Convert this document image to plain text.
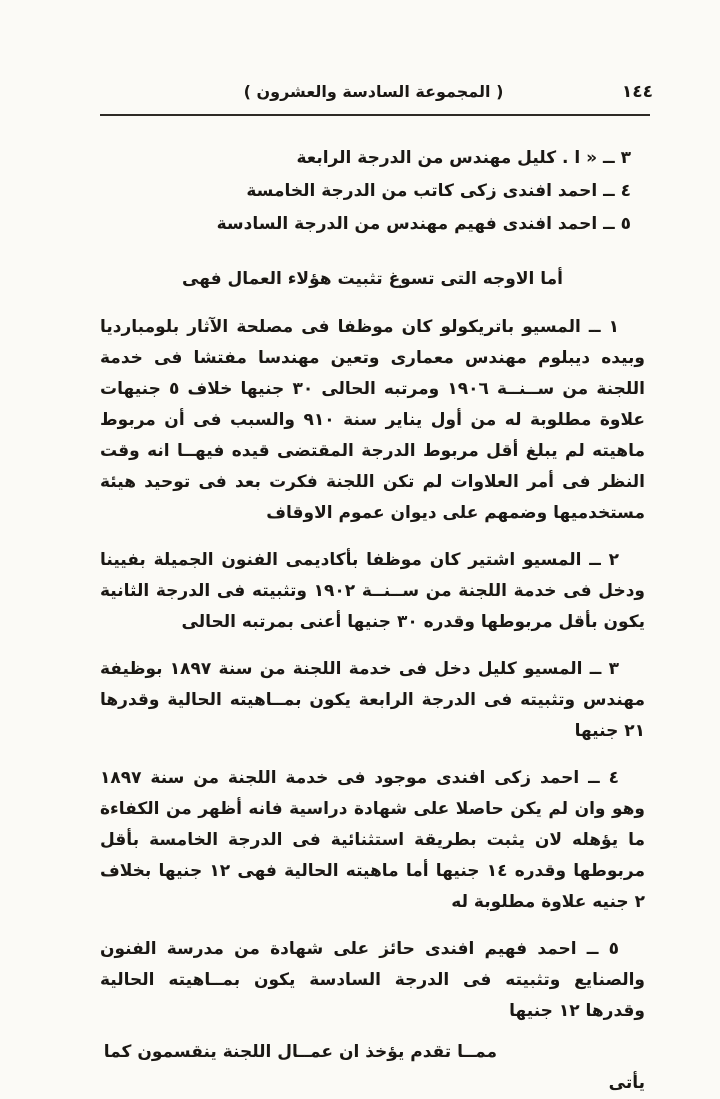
( المجموعة السادسة والعشرون )	١٤٤
٣ ــ « ا . كليل مهندس من الدرجة الرابعة
٤ ــ احمد افندى زكى كاتب من الدرجة الخامسة
٥ ــ احمد افندى فهيم مهندس من الدرجة السادسة
أما الاوجه التى تسوغ تثبيت هؤلاء العمال فهى

١ ــ المسيو باتريكولو كان موظفا فى مصلحة الآثار بلومبارديا وبيده ديبلوم مهندس معمارى وتعين مهندسا مفتشا فى خدمة اللجنة من ســنــة ١٩٠٦ ومرتبه الحالى ٣٠ جنيها خلاف ٥ جنيهات علاوة مطلوبة له من أول يناير سنة ٩١٠ والسبب فى أن مربوط ماهيته لم يبلغ أقل مربوط الدرجة المقتضى قيده فيهــا انه وقت النظر فى أمر العلاوات لم تكن اللجنة فكرت بعد فى توحيد هيئة مستخدميها وضمهم على ديوان عموم الاوقاف

٢ ــ المسيو اشتير كان موظفا بأكاديمى الفنون الجميلة بفيينا ودخل فى خدمة اللجنة من ســنــة ١٩٠٢ وتثبيته فى الدرجة الثانية يكون بأقل مربوطها وقدره ٣٠ جنيها أعنى بمرتبه الحالى

٣ ــ المسيو كليل دخل فى خدمة اللجنة من سنة ١٨٩٧ بوظيفة مهندس وتثبيته فى الدرجة الرابعة يكون بمــاهيته الحالية وقدرها ٢١ جنيها

٤ ــ احمد زكى افندى موجود فى خدمة اللجنة من سنة ١٨٩٧ وهو وان لم يكن حاصلا على شهادة دراسية فانه أظهر من الكفاءة ما يؤهله لان يثبت بطريقة استثنائية فى الدرجة الخامسة بأقل مربوطها وقدره ١٤ جنيها أما ماهيته الحالية فهى ١٢ جنيها بخلاف ٢ جنيه علاوة مطلوبة له

٥ ــ احمد فهيم افندى حائز على شهادة من مدرسة الفنون والصنايع وتثبيته فى الدرجة السادسة يكون بمــاهيته الحالية وقدرها ١٢ جنيها

ممــا تقدم يؤخذ ان عمــال اللجنة ينقسمون كما يأتى
